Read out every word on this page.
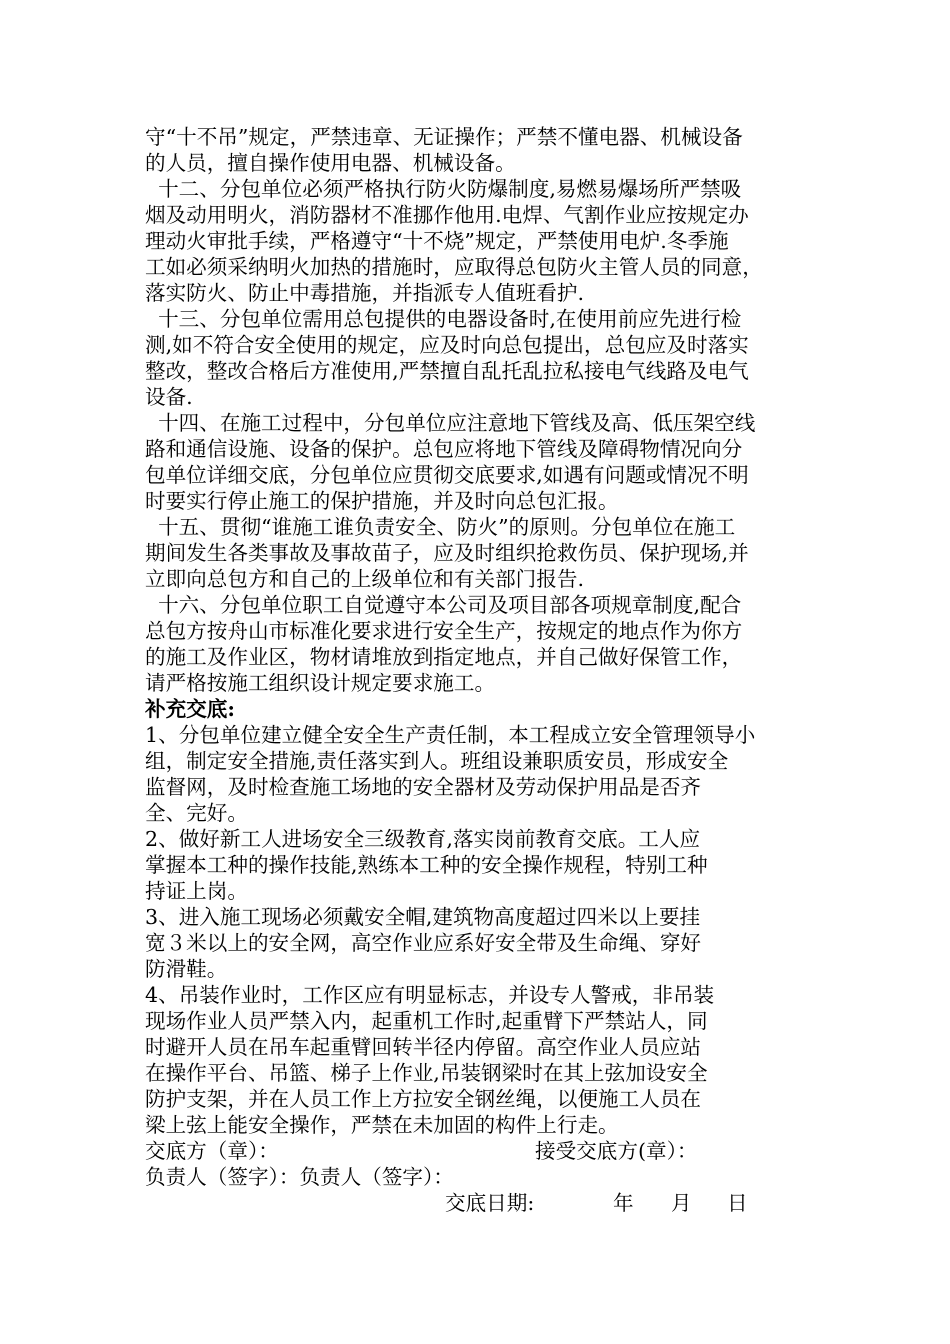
守“十不吊”规定，严禁违章、无证操作；严禁不懂电器、机械设备
的人员，擅自操作使用电器、机械设备。
十二、分包单位必须严格执行防火防爆制度,易燃易爆场所严禁吸
烟及动用明火，消防器材不准挪作他用.电焊、气割作业应按规定办
理动火审批手续，严格遵守“十不烧”规定，严禁使用电炉.冬季施
工如必须采纳明火加热的措施时，应取得总包防火主管人员的同意，
落实防火、防止中毒措施，并指派专人值班看护.
十三、分包单位需用总包提供的电器设备时,在使用前应先进行检
测,如不符合安全使用的规定，应及时向总包提出，总包应及时落实
整改，整改合格后方准使用,严禁擅自乱托乱拉私接电气线路及电气
设备.
十四、在施工过程中，分包单位应注意地下管线及高、低压架空线
路和通信设施、设备的保护。总包应将地下管线及障碍物情况向分
包单位详细交底，分包单位应贯彻交底要求,如遇有问题或情况不明
时要实行停止施工的保护措施，并及时向总包汇报。
十五、贯彻“谁施工谁负责安全、防火”的原则。分包单位在施工
期间发生各类事故及事故苗子，应及时组织抢救伤员、保护现场,并
立即向总包方和自己的上级单位和有关部门报告.
十六、分包单位职工自觉遵守本公司及项目部各项规章制度,配合
总包方按舟山市标准化要求进行安全生产，按规定的地点作为你方
的施工及作业区，物材请堆放到指定地点，并自己做好保管工作，
请严格按施工组织设计规定要求施工。
补充交底:
1、分包单位建立健全安全生产责任制，本工程成立安全管理领导小
组，制定安全措施,责任落实到人。班组设兼职质安员，形成安全
监督网，及时检查施工场地的安全器材及劳动保护用品是否齐
全、完好。
2、做好新工人进场安全三级教育,落实岗前教育交底。工人应
掌握本工种的操作技能,熟练本工种的安全操作规程，特别工种
持证上岗。
3、进入施工现场必须戴安全帽,建筑物高度超过四米以上要挂
宽３米以上的安全网，高空作业应系好安全带及生命绳、穿好
防滑鞋。
4、吊装作业时，工作区应有明显标志，并设专人警戒，非吊装
现场作业人员严禁入内，起重机工作时,起重臂下严禁站人，同
时避开人员在吊车起重臂回转半径内停留。高空作业人员应站
在操作平台、吊篮、梯子上作业,吊装钢梁时在其上弦加设安全
防护支架，并在人员工作上方拉安全钢丝绳，以便施工人员在
梁上弦上能安全操作，严禁在未加固的构件上行走。
交底方（章）：	接受交底方(章）：
负责人（签字）：负责人（签字）：
交底日期:	年 月 日
